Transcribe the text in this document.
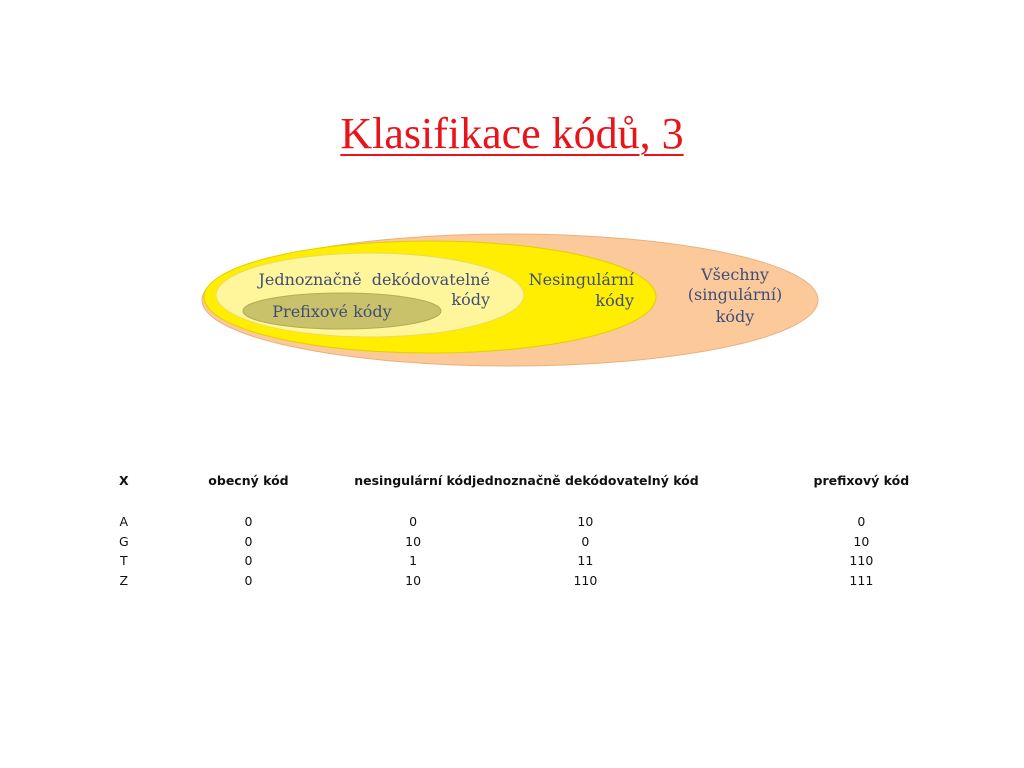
Klasifikace kódů, 3
Všechny
(singulární)
kódy
Nesingulární
kódy
Jednoznačně  dekódovatelné
kódy
Prefixové kódy
X	obecný kód	nesingulární kód	jednoznačně dekódovatelný kód	prefixový kód

A	0	0	10	0
G	0	10	0	10
T	0	1	11	110
Z	0	10	110	111
